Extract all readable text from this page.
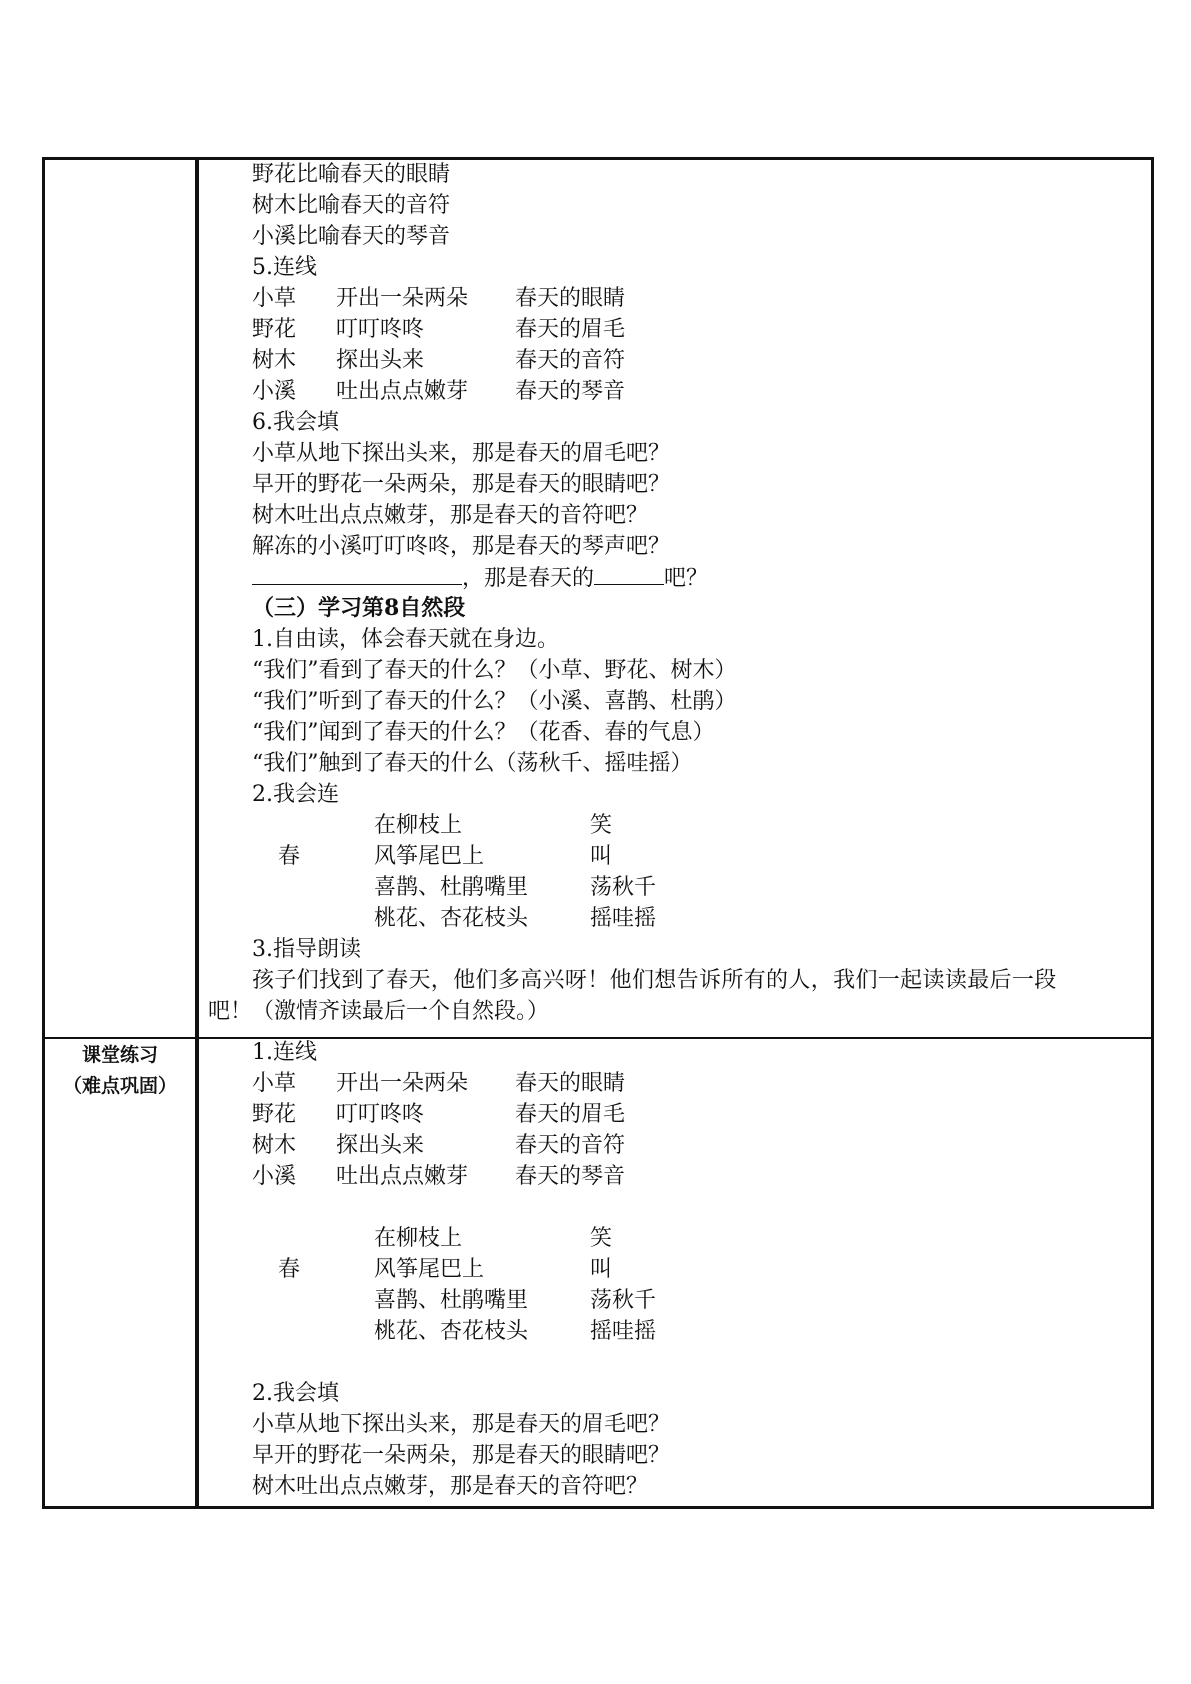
课堂练习
（难点巩固）
野花比喻春天的眼睛
树木比喻春天的音符
小溪比喻春天的琴音
5.连线
小草 开出一朵两朵 春天的眼睛
野花 叮叮咚咚	春天的眉毛
树木 探出头来	春天的音符
小溪 吐出点点嫩芽 春天的琴音
6.我会填
小草从地下探出头来，那是春天的眉毛吧？
早开的野花一朵两朵，那是春天的眼睛吧？
树木吐出点点嫩芽，那是春天的音符吧？
解冻的小溪叮叮咚咚，那是春天的琴声吧？
，那是春天的	吧？
（三）学习第8自然段
1.自由读，体会春天就在身边。
“我们”看到了春天的什么？（小草、野花、树木）
“我们”听到了春天的什么？（小溪、喜鹊、杜鹃）
“我们”闻到了春天的什么？（花香、春的气息）
“我们”触到了春天的什么（荡秋千、摇哇摇）
2.我会连
在柳枝上	笑
春	风筝尾巴上	叫
喜鹊、杜鹃嘴里	荡秋千
桃花、杏花枝头	摇哇摇
3.指导朗读
孩子们找到了春天，他们多高兴呀！他们想告诉所有的人，我们一起读读最后一段
吧！（激情齐读最后一个自然段。）
1.连线
小草 开出一朵两朵 春天的眼睛
野花 叮叮咚咚	春天的眉毛
树木 探出头来	春天的音符
小溪 吐出点点嫩芽 春天的琴音
在柳枝上	笑
春	风筝尾巴上	叫
喜鹊、杜鹃嘴里	荡秋千
桃花、杏花枝头	摇哇摇
2.我会填
小草从地下探出头来，那是春天的眉毛吧？
早开的野花一朵两朵，那是春天的眼睛吧？
树木吐出点点嫩芽，那是春天的音符吧？
